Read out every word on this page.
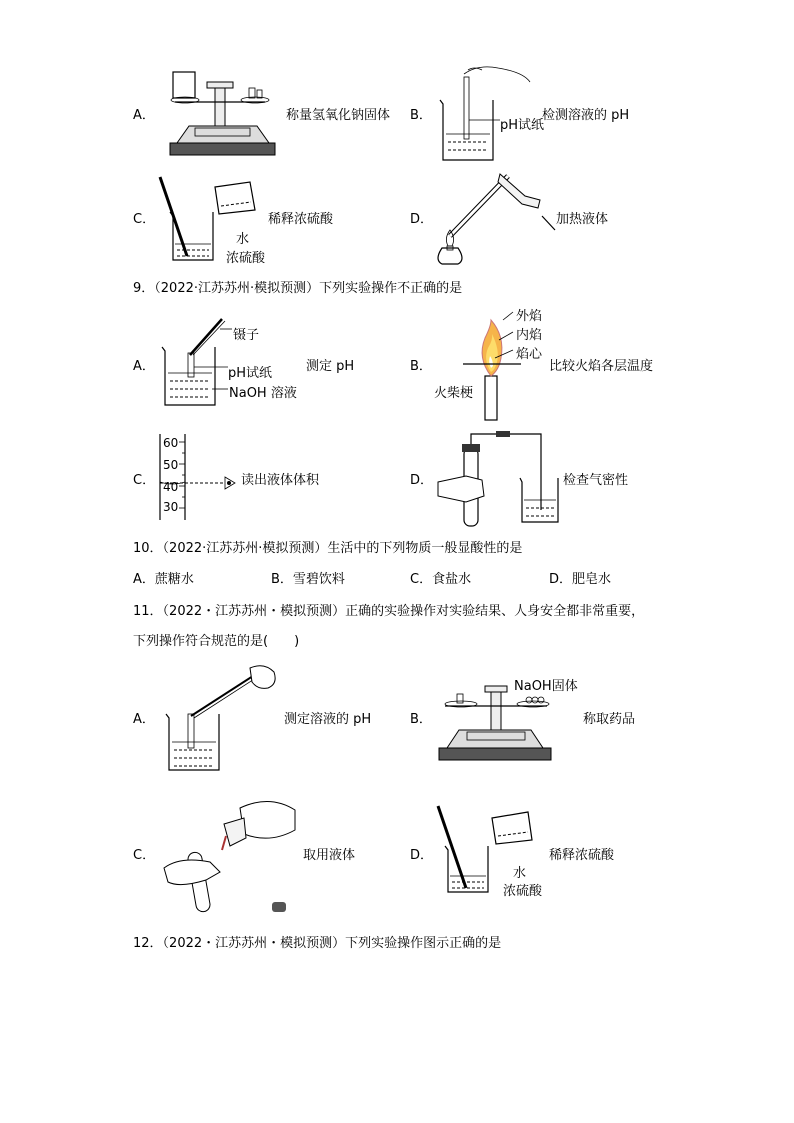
A．	称量氢氧化钠固体 B．
pH试纸
检测溶液的 pH
C．
水
浓硫酸
稀释浓硫酸	D．	加热液体
9．（2022·江苏苏州·模拟预测）下列实验操作不正确的是
A．
镊子
pH试纸
NaOH 溶液
测定 pH	B．
外焰
内焰
焰心
火柴梗
比较火焰各层温度
C．
60
50
40
30
读出液体体积	D．	检查气密性
10．（2022·江苏苏州·模拟预测）生活中的下列物质一般显酸性的是
A．蔗糖水	B．雪碧饮料	C．食盐水	D．肥皂水
11．（2022・江苏苏州・模拟预测）正确的实验操作对实验结果、人身安全都非常重要，
下列操作符合规范的是(　　)
A．	测定溶液的 pH	B．
NaOH固体
称取药品
C．	取用液体	D．
水
浓硫酸
稀释浓硫酸
12．（2022・江苏苏州・模拟预测）下列实验操作图示正确的是
